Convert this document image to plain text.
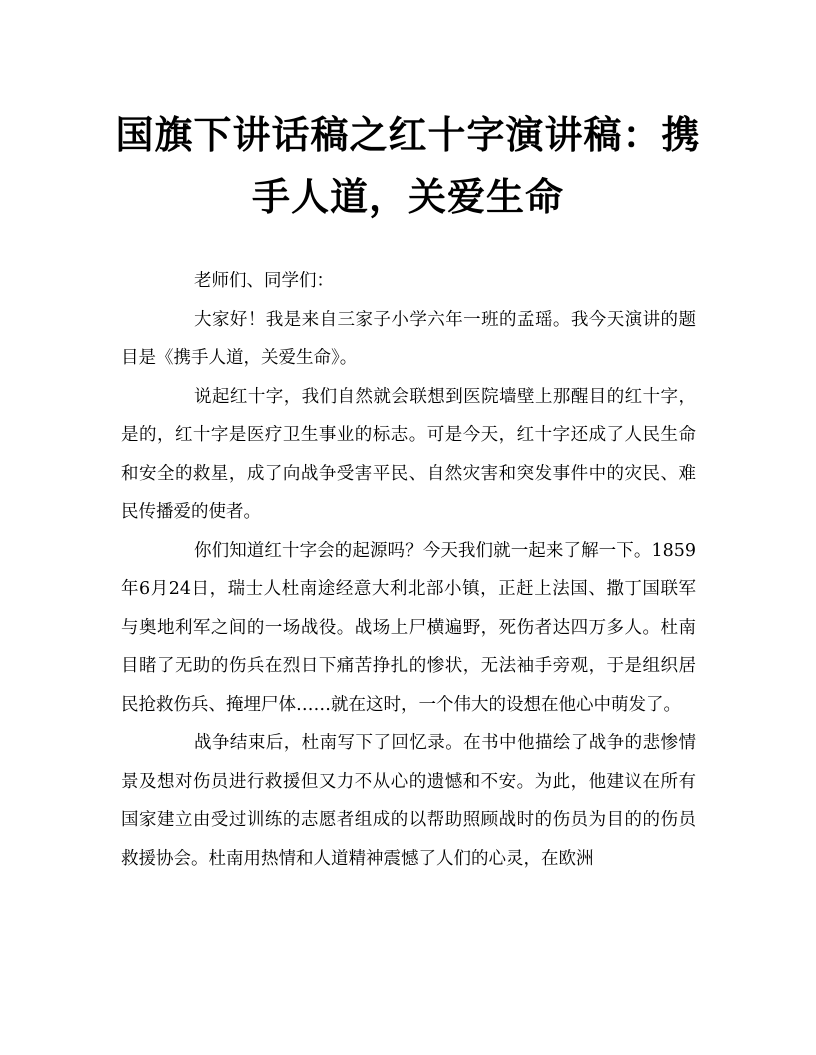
国旗下讲话稿之红十字演讲稿：携手人道，关爱生命

老师们、同学们：

大家好！我是来自三家子小学六年一班的孟瑶。我今天演讲的题目是《携手人道，关爱生命》。

说起红十字，我们自然就会联想到医院墙壁上那醒目的红十字，是的，红十字是医疗卫生事业的标志。可是今天，红十字还成了人民生命和安全的救星，成了向战争受害平民、自然灾害和突发事件中的灾民、难民传播爱的使者。

你们知道红十字会的起源吗？今天我们就一起来了解一下。1859年6月24日，瑞士人杜南途经意大利北部小镇，正赶上法国、撒丁国联军与奥地利军之间的一场战役。战场上尸横遍野，死伤者达四万多人。杜南目睹了无助的伤兵在烈日下痛苦挣扎的惨状，无法袖手旁观，于是组织居民抢救伤兵、掩埋尸体……就在这时，一个伟大的设想在他心中萌发了。

战争结束后，杜南写下了回忆录。在书中他描绘了战争的悲惨情景及想对伤员进行救援但又力不从心的遗憾和不安。为此，他建议在所有国家建立由受过训练的志愿者组成的以帮助照顾战时的伤员为目的的伤员救援协会。杜南用热情和人道精神震憾了人们的心灵，在欧洲
